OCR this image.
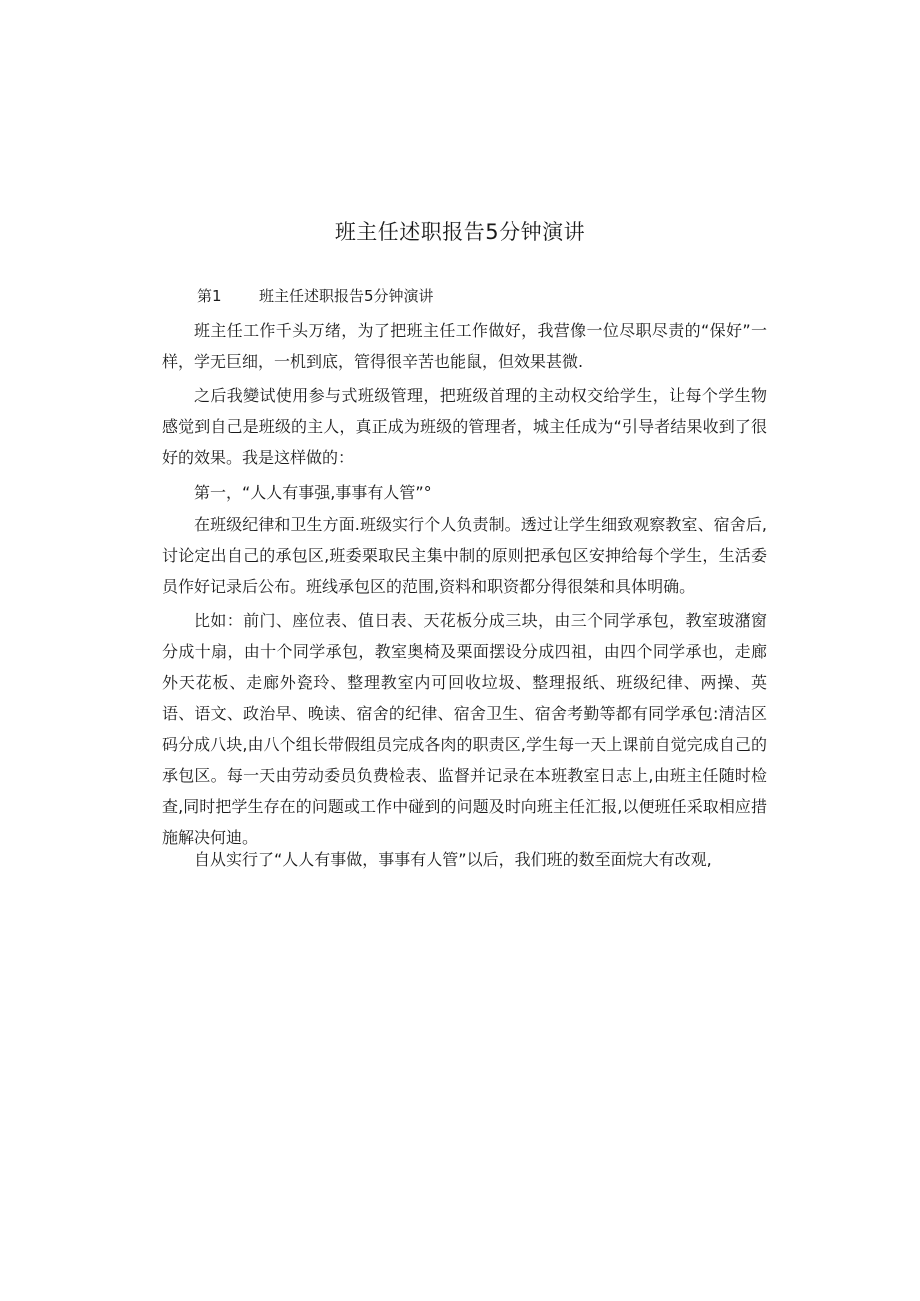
班主任述职报告5分钟演讲
第1 班主任述职报告5分钟演讲

班主任工作千头万绪，为了把班主任工作做好，我营像一位尽职尽责的“保好”一样，学无巨细，一机到底，管得很辛苦也能鼠，但效果甚微.

之后我變试使用参与式班级管理，把班级首理的主动权交给学生，让每个学生物感觉到自己是班级的主人，真正成为班级的管理者，城主任成为“引导者结果收到了很好的效果。我是这样做的：

第一，“人人有事强,事事有人管”°

在班级纪律和卫生方面.班级实行个人负责制。透过让学生细致观察教室、宿舍后,讨论定出自己的承包区,班委栗取民主集中制的原则把承包区安抻给每个学生，生活委员作好记录后公布。班线承包区的范围,资料和职资都分得很桀和具体明确。

比如：前门、座位表、值日表、天花板分成三块，由三个同学承包，教室玻潴窗分成十扇，由十个同学承包，教室奥椅及栗面摆设分成四祖，由四个同学承也，走廊外天花板、走廊外瓷玲、整理教室内可回收垃圾、整理报纸、班级纪律、两操、英语、语文、政治早、晚读、宿舍的纪律、宿舍卫生、宿舍考勤等都有同学承包:清洁区码分成八块,由八个组长带假组员完成各肉的职责区,学生每一天上课前自觉完成自己的承包区。每一天由劳动委员负费检表、监督并记录在本班教室日志上,由班主任随时检查,同时把学生存在的问题或工作中碰到的问题及时向班主任汇报,以便班任采取相应措施解决何迪。

自从实行了“人人有事做，事事有人管”以后，我们班的数至面烷大有改观,
